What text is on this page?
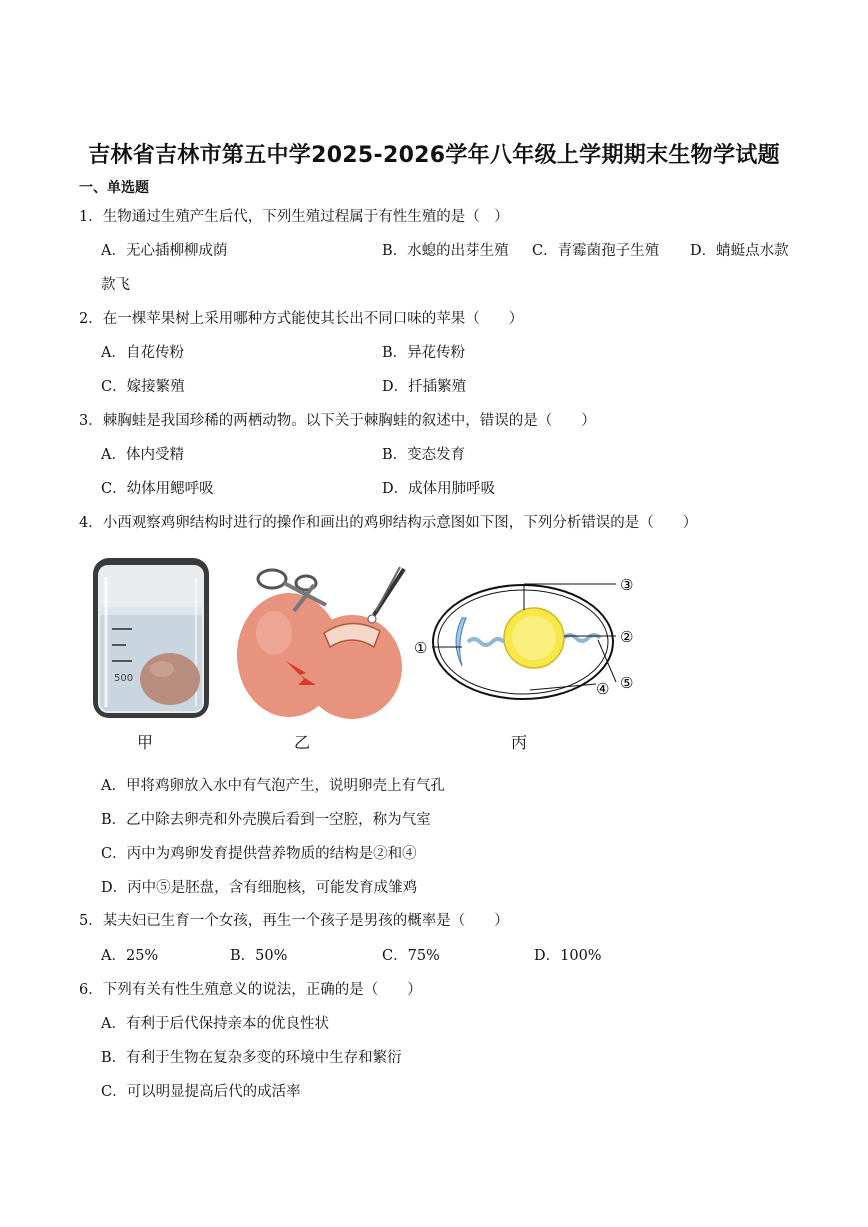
吉林省吉林市第五中学2025-2026学年八年级上学期期末生物学试题
一、单选题
1．生物通过生殖产生后代，下列生殖过程属于有性生殖的是（　）
A．无心插柳柳成荫	B．水螅的出芽生殖 C．青霉菌孢子生殖 D．蜻蜓点水款
款飞
2．在一棵苹果树上采用哪种方式能使其长出不同口味的苹果（　　）
A．自花传粉	B．异花传粉
C．嫁接繁殖	D．扦插繁殖
3．棘胸蛙是我国珍稀的两栖动物。以下关于棘胸蛙的叙述中，错误的是（　　）
A．体内受精	B．变态发育
C．幼体用鳃呼吸	D．成体用肺呼吸
4．小西观察鸡卵结构时进行的操作和画出的鸡卵结构示意图如下图，下列分析错误的是（　　）
500
③
②
⑤
④
①
甲	乙	丙
A．甲将鸡卵放入水中有气泡产生，说明卵壳上有气孔
B．乙中除去卵壳和外壳膜后看到一空腔，称为气室
C．丙中为鸡卵发育提供营养物质的结构是②和④
D．丙中⑤是胚盘，含有细胞核，可能发育成雏鸡
5．某夫妇已生育一个女孩，再生一个孩子是男孩的概率是（　　）
A．25%	B．50%	C．75%	D．100%
6．下列有关有性生殖意义的说法，正确的是（　　）
A．有利于后代保持亲本的优良性状
B．有利于生物在复杂多变的环境中生存和繁衍
C．可以明显提高后代的成活率
